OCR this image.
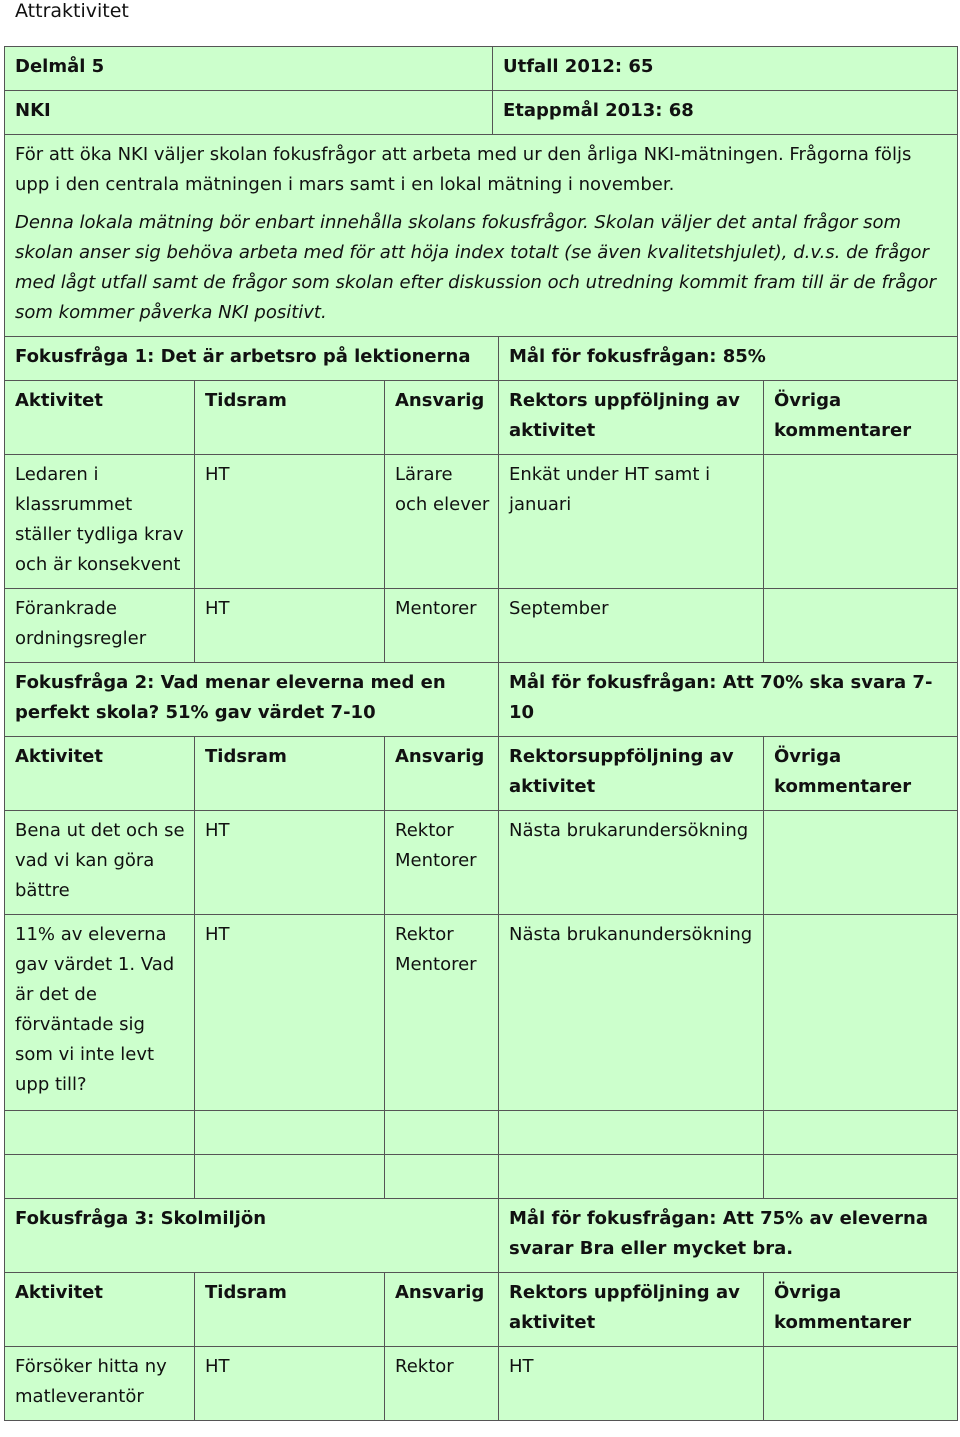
Attraktivitet
Delmål 5			Utfall 2012: 65		
NKI			Etappmål 2013: 68		

För att öka NKI väljer skolan fokusfrågor att arbeta med ur den årliga NKI-mätningen. Frågorna följs upp i den centrala mätningen i mars samt i en lokal mätning i november.
Denna lokala mätning bör enbart innehålla skolans fokusfrågor. Skolan väljer det antal frågor som skolan anser sig behöva arbeta med för att höja index totalt (se även kvalitetshjulet), d.v.s. de frågor med lågt utfall samt de frågor som skolan efter diskussion och utredning kommit fram till är de frågor som kommer påverka NKI positivt.					

Fokusfråga 1: Det är arbetsro på lektionerna				Mål för fokusfrågan: 85%	
Aktivitet	Tidsram	Ansvarig		Rektors uppföljning av aktivitet	Övriga kommentarer
Ledaren i klassrummet ställer tydliga krav och är konsekvent	HT	Lärare och elever		Enkät under HT samt i januari	
Förankrade ordningsregler	HT	Mentorer		September	
Fokusfråga 2: Vad menar eleverna med en perfekt skola? 51% gav värdet 7-10				Mål för fokusfrågan: Att 70% ska svara 7-10	
Aktivitet	Tidsram	Ansvarig		Rektorsuppföljning av aktivitet	Övriga kommentarer
Bena ut det och se vad vi kan göra bättre	HT	Rektor Mentorer		Nästa brukarundersökning	
11% av eleverna gav värdet 1. Vad är det de förväntade sig som vi inte levt upp till?	HT	Rektor Mentorer		Nästa brukanundersökning	

Fokusfråga 3: Skolmiljön				Mål för fokusfrågan: Att 75% av eleverna svarar Bra eller mycket bra.	
Aktivitet	Tidsram	Ansvarig		Rektors uppföljning av aktivitet	Övriga kommentarer
Försöker hitta ny matleverantör	HT	Rektor		HT	
